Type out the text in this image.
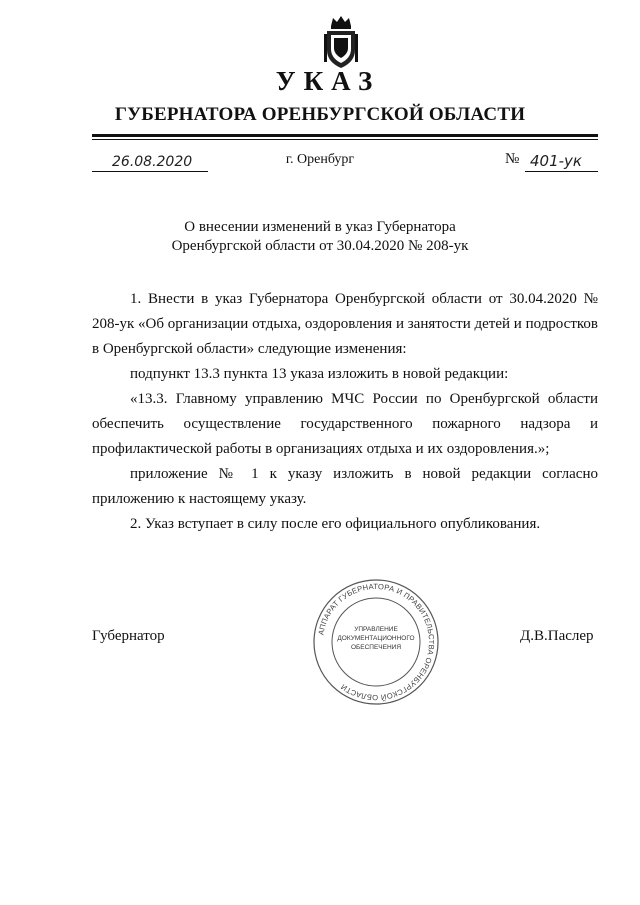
УКАЗ
ГУБЕРНАТОРА ОРЕНБУРГСКОЙ ОБЛАСТИ
26.08.2020	г. Оренбург	№ 401-ук
О внесении изменений в указ Губернатора
Оренбургской области от 30.04.2020 № 208-ук

1. Внести в указ Губернатора Оренбургской области от 30.04.2020 № 208-ук «Об организации отдыха, оздоровления и занятости детей и подростков в Оренбургской области» следующие изменения:

подпункт 13.3 пункта 13 указа изложить в новой редакции:

«13.3. Главному управлению МЧС России по Оренбургской области обеспечить осуществление государственного пожарного надзора и профилактической работы в организациях отдыха и их оздоровления.»;

приложение № 1 к указу изложить в новой редакции согласно приложению к настоящему указу.

2. Указ вступает в силу после его официального опубликования.

Губернатор	Д.В.Паслер
АППАРАТ ГУБЕРНАТОРА И ПРАВИТЕЛЬСТВА ОРЕНБУРГСКОЙ ОБЛАСТИ
УПРАВЛЕНИЕ
ДОКУМЕНТАЦИОННОГО
ОБЕСПЕЧЕНИЯ
